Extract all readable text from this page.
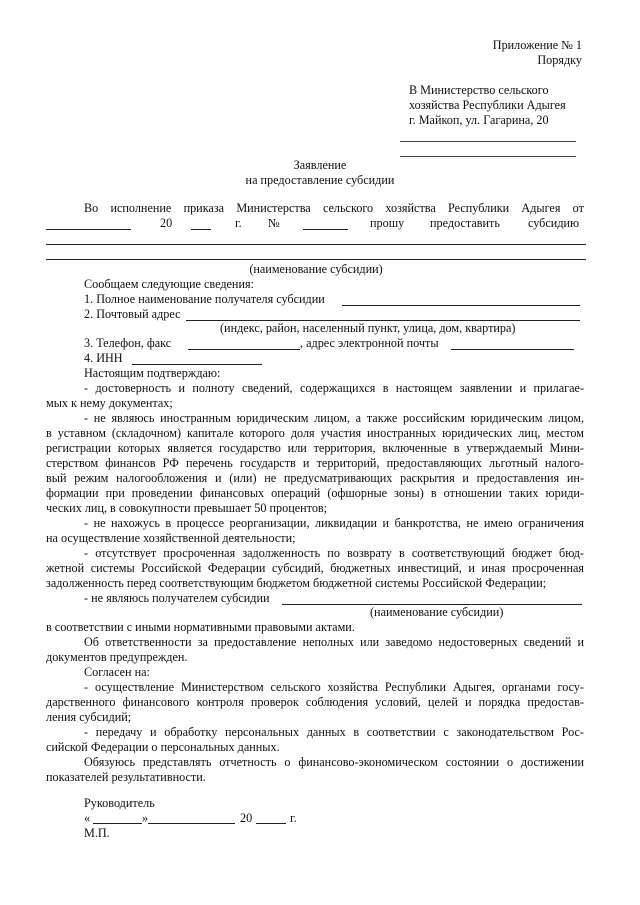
Приложение № 1
Порядку
В Министерство сельского
хозяйства Республики Адыгея
г. Майкоп, ул. Гагарина, 20
Заявление
на предоставление субсидии
Во исполнение приказа Министерства сельского хозяйства Республики Адыгея от
20	г. №	прошу предоставить субсидию
(наименование субсидии)
Сообщаем следующие сведения:
1. Полное наименование получателя субсидии
2. Почтовый адрес
(индекс, район, населенный пункт, улица, дом, квартира)
3. Телефон, факс	, адрес электронной почты
4. ИНН
Настоящим подтверждаю:
- достоверность и полноту сведений, содержащихся в настоящем заявлении и прилагае-
мых к нему документах;
- не являюсь иностранным юридическим лицом, а также российским юридическим лицом,
в уставном (складочном) капитале которого доля участия иностранных юридических лиц, местом
регистрации которых является государство или территория, включенные в утверждаемый Мини-
стерством финансов РФ перечень государств и территорий, предоставляющих льготный налого-
вый режим налогообложения и (или) не предусматривающих раскрытия и предоставления ин-
формации при проведении финансовых операций (офшорные зоны) в отношении таких юриди-
ческих лиц, в совокупности превышает 50 процентов;
- не нахожусь в процессе реорганизации, ликвидации и банкротства, не имею ограничения
на осуществление хозяйственной деятельности;
- отсутствует просроченная задолженность по возврату в соответствующий бюджет бюд-
жетной системы Российской Федерации субсидий, бюджетных инвестиций, и иная просроченная
задолженность перед соответствующим бюджетом бюджетной системы Российской Федерации;
- не являюсь получателем субсидии
(наименование субсидии)
в соответствии с иными нормативными правовыми актами.
Об ответственности за предоставление неполных или заведомо недостоверных сведений и
документов предупрежден.
Согласен на:
- осуществление Министерством сельского хозяйства Республики Адыгея, органами госу-
дарственного финансового контроля проверок соблюдения условий, целей и порядка предостав-
ления субсидий;
- передачу и обработку персональных данных в соответствии с законодательством Рос-
сийской Федерации о персональных данных.
Обязуюсь представлять отчетность о финансово-экономическом состоянии о достижении
показателей результативности.
Руководитель
«	»	20	г.
М.П.
